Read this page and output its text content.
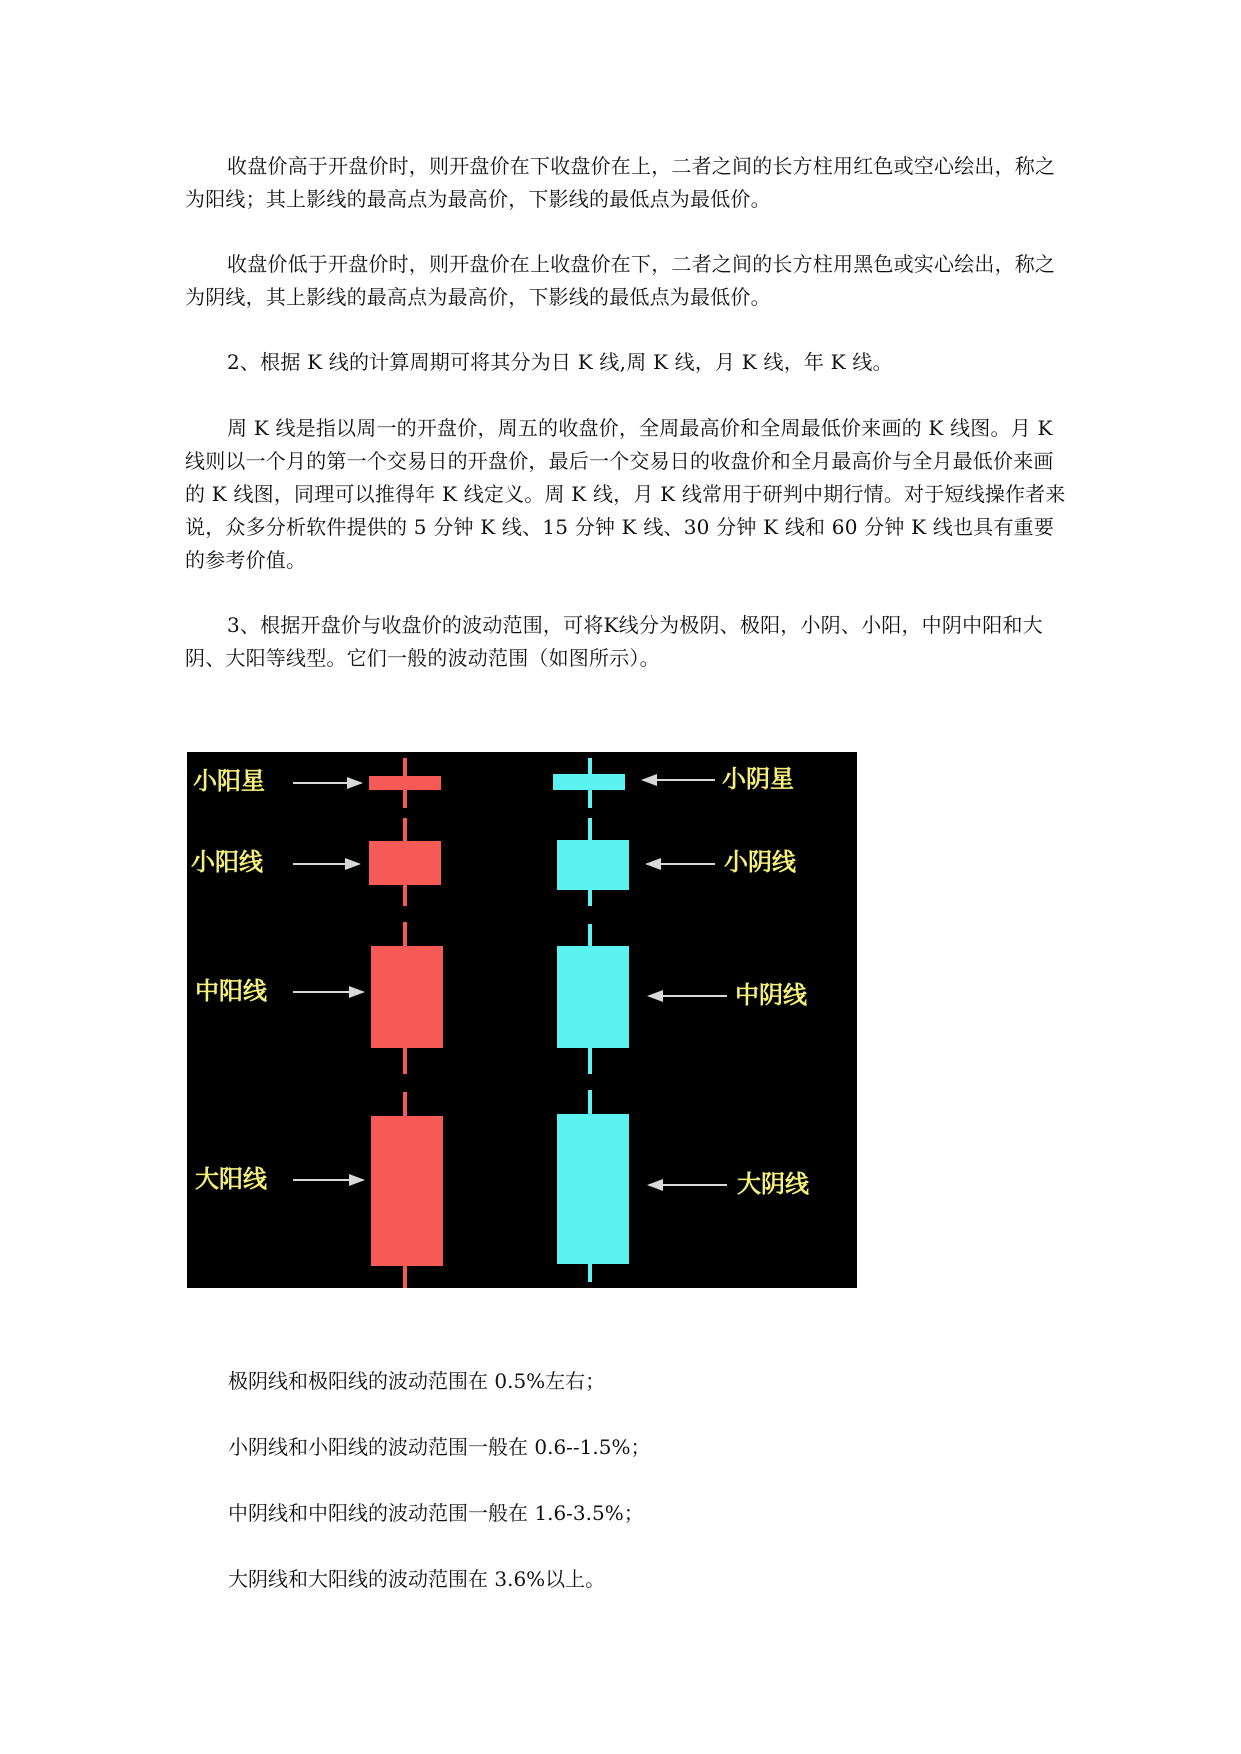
收盘价高于开盘价时，则开盘价在下收盘价在上，二者之间的长方柱用红色或空心绘出，称之为阳线；其上影线的最高点为最高价，下影线的最低点为最低价。

收盘价低于开盘价时，则开盘价在上收盘价在下，二者之间的长方柱用黑色或实心绘出，称之为阴线，其上影线的最高点为最高价，下影线的最低点为最低价。

2、根据 K 线的计算周期可将其分为日 K 线,周 K 线，月 K 线，年 K 线。

周 K 线是指以周一的开盘价，周五的收盘价，全周最高价和全周最低价来画的 K 线图。月 K 线则以一个月的第一个交易日的开盘价，最后一个交易日的收盘价和全月最高价与全月最低价来画的 K 线图，同理可以推得年 K 线定义。周 K 线，月 K 线常用于研判中期行情。对于短线操作者来说，众多分析软件提供的 5 分钟 K 线、15 分钟 K 线、30 分钟 K 线和 60 分钟 K 线也具有重要的参考价值。

3、根据开盘价与收盘价的波动范围，可将K线分为极阴、极阳，小阴、小阳，中阴中阳和大阴、大阳等线型。它们一般的波动范围（如图所示）。

小阳星
小阳线
中阳线
大阳线
小阴星
小阴线
中阴线
大阴线

极阴线和极阳线的波动范围在 0.5%左右；

小阴线和小阳线的波动范围一般在 0.6--1.5%；

中阴线和中阳线的波动范围一般在 1.6-3.5%；

大阴线和大阳线的波动范围在 3.6%以上。
